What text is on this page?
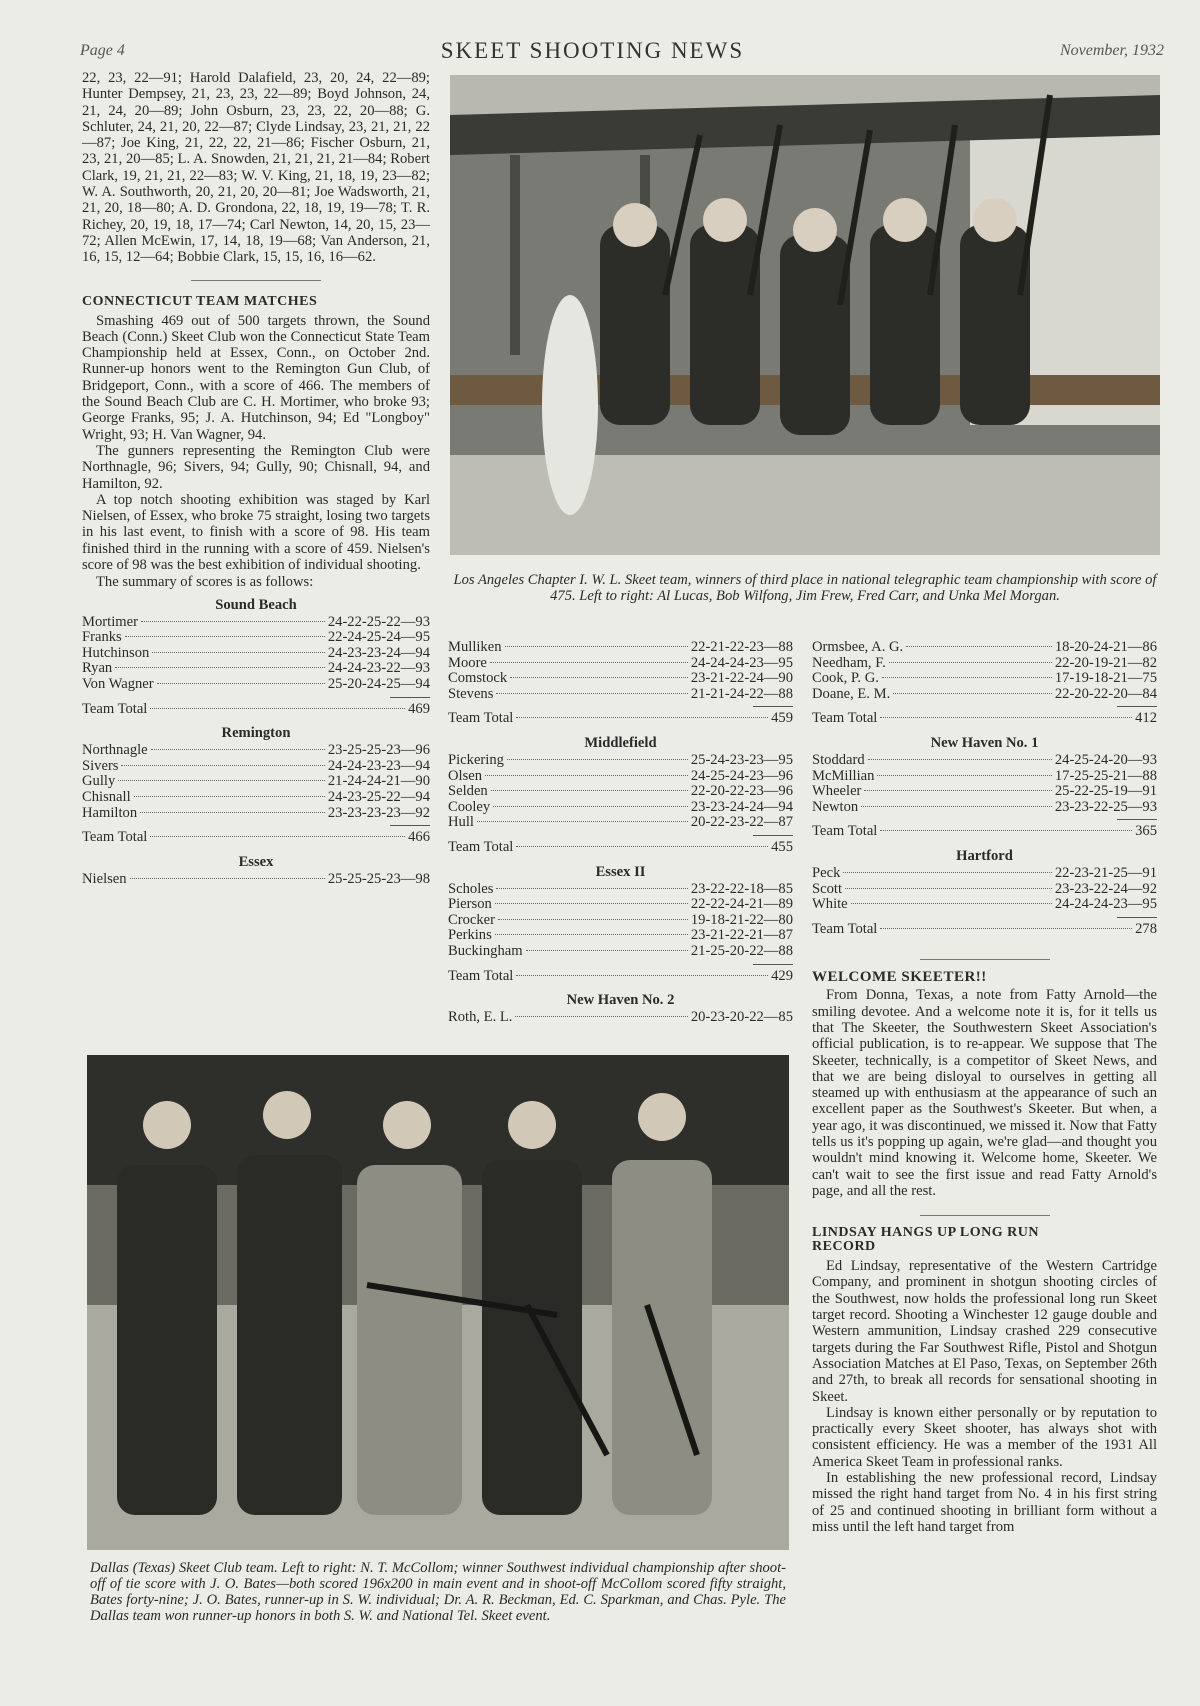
Page 4	SKEET SHOOTING NEWS	November, 1932

22, 23, 22—91; Harold Dalafield, 23, 20, 24, 22—89; Hunter Dempsey, 21, 23, 23, 22—89; Boyd Johnson, 24, 21, 24, 20—89; John Osburn, 23, 23, 22, 20—88; G. Schluter, 24, 21, 20, 22—87; Clyde Lindsay, 23, 21, 21, 22—87; Joe King, 21, 22, 22, 21—86; Fischer Osburn, 21, 23, 21, 20—85; L. A. Snowden, 21, 21, 21, 21—84; Robert Clark, 19, 21, 21, 22—83; W. V. King, 21, 18, 19, 23—82; W. A. Southworth, 20, 21, 20, 20—81; Joe Wadsworth, 21, 21, 20, 18—80; A. D. Grondona, 22, 18, 19, 19—78; T. R. Richey, 20, 19, 18, 17—74; Carl Newton, 14, 20, 15, 23—72; Allen McEwin, 17, 14, 18, 19—68; Van Anderson, 21, 16, 15, 12—64; Bobbie Clark, 15, 15, 16, 16—62.

CONNECTICUT TEAM MATCHES

Smashing 469 out of 500 targets thrown, the Sound Beach (Conn.) Skeet Club won the Connecticut State Team Championship held at Essex, Conn., on October 2nd. Runner-up honors went to the Remington Gun Club, of Bridgeport, Conn., with a score of 466. The members of the Sound Beach Club are C. H. Mortimer, who broke 93; George Franks, 95; J. A. Hutchinson, 94; Ed "Longboy" Wright, 93; H. Van Wagner, 94.

The gunners representing the Remington Club were Northnagle, 96; Sivers, 94; Gully, 90; Chisnall, 94, and Hamilton, 92.

A top notch shooting exhibition was staged by Karl Nielsen, of Essex, who broke 75 straight, losing two targets in his last event, to finish with a score of 98. His team finished third in the running with a score of 459. Nielsen's score of 98 was the best exhibition of individual shooting.

The summary of scores is as follows:

Sound Beach
Mortimer	24-22-25-22—93
Franks	22-24-25-24—95
Hutchinson	24-23-23-24—94
Ryan	24-24-23-22—93
Von Wagner	25-20-24-25—94
Team Total	469
Remington
Northnagle	23-25-25-23—96
Sivers	24-24-23-23—94
Gully	21-24-24-21—90
Chisnall	24-23-25-22—94
Hamilton	23-23-23-23—92
Team Total	466
Essex
Nielsen	25-25-25-23—98
Los Angeles Chapter I. W. L. Skeet team, winners of third place in national telegraphic team championship with score of 475. Left to right: Al Lucas, Bob Wilfong, Jim Frew, Fred Carr, and Unka Mel Morgan.
Mulliken	22-21-22-23—88
Moore	24-24-24-23—95
Comstock	23-21-22-24—90
Stevens	21-21-24-22—88
Team Total	459
Middlefield
Pickering	25-24-23-23—95
Olsen	24-25-24-23—96
Selden	22-20-22-23—96
Cooley	23-23-24-24—94
Hull	20-22-23-22—87
Team Total	455
Essex II
Scholes	23-22-22-18—85
Pierson	22-22-24-21—89
Crocker	19-18-21-22—80
Perkins	23-21-22-21—87
Buckingham	21-25-20-22—88
Team Total	429
New Haven No. 2
Roth, E. L.	20-23-20-22—85
Ormsbee, A. G.	18-20-24-21—86
Needham, F.	22-20-19-21—82
Cook, P. G.	17-19-18-21—75
Doane, E. M.	22-20-22-20—84
Team Total	412
New Haven No. 1
Stoddard	24-25-24-20—93
McMillian	17-25-25-21—88
Wheeler	25-22-25-19—91
Newton	23-23-22-25—93
Team Total	365
Hartford
Peck	22-23-21-25—91
Scott	23-23-22-24—92
White	24-24-24-23—95
Team Total	278

WELCOME SKEETER!!

From Donna, Texas, a note from Fatty Arnold—the smiling devotee. And a welcome note it is, for it tells us that The Skeeter, the Southwestern Skeet Association's official publication, is to re-appear. We suppose that The Skeeter, technically, is a competitor of Skeet News, and that we are being disloyal to ourselves in getting all steamed up with enthusiasm at the appearance of such an excellent paper as the Southwest's Skeeter. But when, a year ago, it was discontinued, we missed it. Now that Fatty tells us it's popping up again, we're glad—and thought you wouldn't mind knowing it. Welcome home, Skeeter. We can't wait to see the first issue and read Fatty Arnold's page, and all the rest.

LINDSAY HANGS UP LONG RUN

RECORD

Ed Lindsay, representative of the Western Cartridge Company, and prominent in shotgun shooting circles of the Southwest, now holds the professional long run Skeet target record. Shooting a Winchester 12 gauge double and Western ammunition, Lindsay crashed 229 consecutive targets during the Far Southwest Rifle, Pistol and Shotgun Association Matches at El Paso, Texas, on September 26th and 27th, to break all records for sensational shooting in Skeet.

Lindsay is known either personally or by reputation to practically every Skeet shooter, has always shot with consistent efficiency. He was a member of the 1931 All America Skeet Team in professional ranks.

In establishing the new professional record, Lindsay missed the right hand target from No. 4 in his first string of 25 and continued shooting in brilliant form without a miss until the left hand target from

Dallas (Texas) Skeet Club team. Left to right: N. T. McCollom; winner Southwest individual championship after shoot-off of tie score with J. O. Bates—both scored 196x200 in main event and in shoot-off McCollom scored fifty straight, Bates forty-nine; J. O. Bates, runner-up in S. W. individual; Dr. A. R. Beckman, Ed. C. Sparkman, and Chas. Pyle. The Dallas team won runner-up honors in both S. W. and National Tel. Skeet event.
